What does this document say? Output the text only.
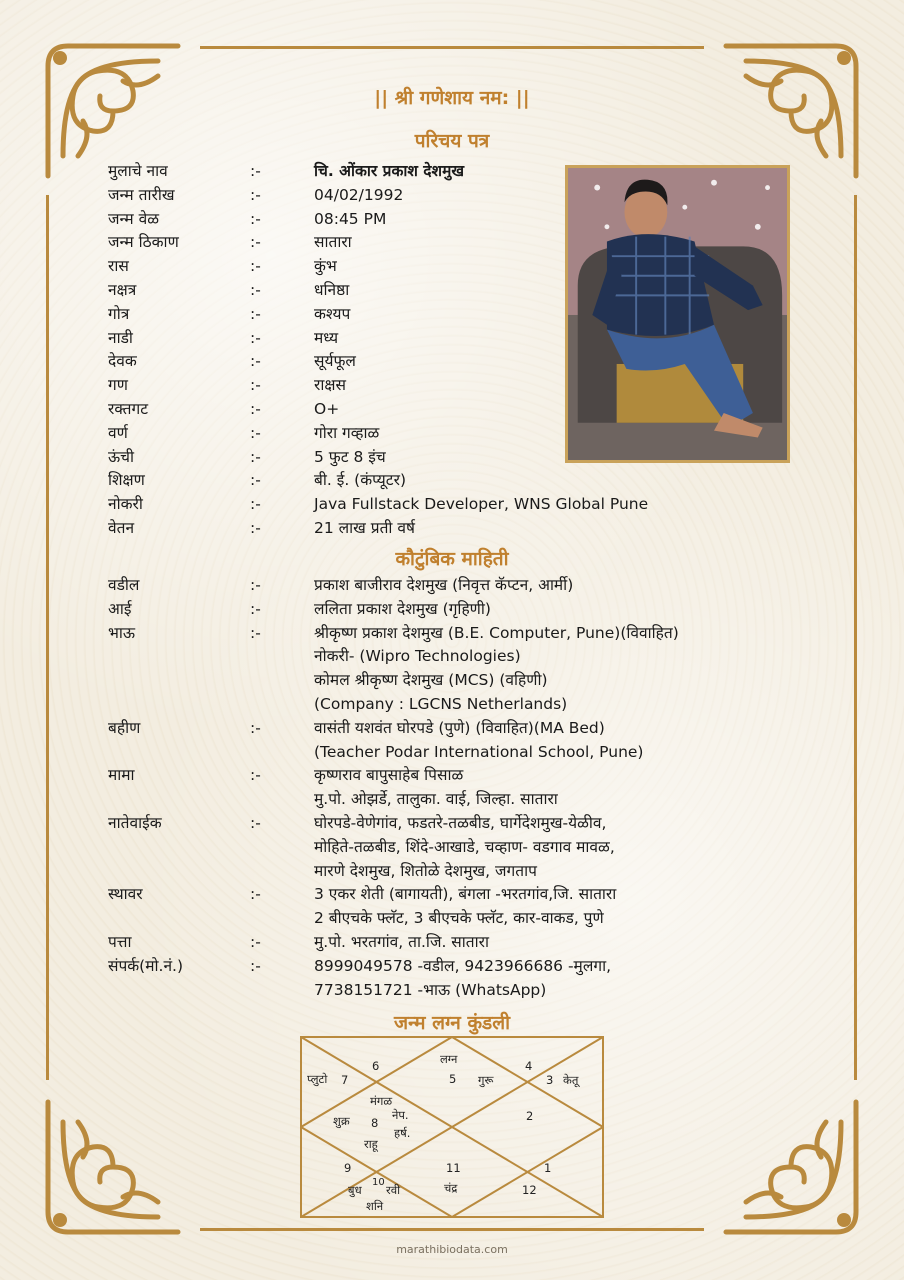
|| श्री गणेशाय नम: ||
परिचय पत्र
मुलाचे नाव	:-	चि. ओंकार प्रकाश देशमुख
जन्म तारीख	:-	04/02/1992
जन्म वेळ	:-	08:45 PM
जन्म ठिकाण	:-	सातारा
रास	:-	कुंभ
नक्षत्र	:-	धनिष्ठा
गोत्र	:-	कश्यप
नाडी	:-	मध्य
देवक	:-	सूर्यफूल
गण	:-	राक्षस
रक्तगट	:-	O+
वर्ण	:-	गोरा गव्हाळ
ऊंची	:-	5 फुट 8 इंच
शिक्षण	:-	बी. ई. (कंप्यूटर)
नोकरी	:-	Java Fullstack Developer, WNS Global Pune
वेतन	:-	21 लाख प्रती वर्ष
कौटुंबिक माहिती
वडील	:-	प्रकाश बाजीराव देशमुख (निवृत्त कॅप्टन, आर्मी)
आई	:-	ललिता प्रकाश देशमुख (गृहिणी)
भाऊ	:-	श्रीकृष्ण प्रकाश देशमुख (B.E. Computer, Pune)(विवाहित)
नोकरी- (Wipro Technologies)
कोमल श्रीकृष्ण देशमुख (MCS) (वहिणी)
(Company : LGCNS Netherlands)
बहीण	:-	वासंती यशवंत घोरपडे (पुणे) (विवाहित)(MA Bed)
(Teacher Podar International School, Pune)
मामा	:-	कृष्णराव बापुसाहेब पिसाळ
मु.पो. ओझर्डे, तालुका. वाई, जिल्हा. सातारा
नातेवाईक	:-	घोरपडे-वेणेगांव, फडतरे-तळबीड, घार्गेदेशमुख-येळीव,
मोहिते-तळबीड, शिंदे-आखाडे, चव्हाण- वडगाव मावळ,
मारणे देशमुख, शितोळे देशमुख, जगताप
स्थावर	:-	3 एकर शेती (बागायती), बंगला -भरतगांव,जि. सातारा
2 बीएचके फ्लॅट, 3 बीएचके फ्लॅट, कार-वाकड, पुणे
पत्ता	:-	मु.पो. भरतगांव, ता.जि. सातारा
संपर्क(मो.नं.)	:-	8999049578 -वडील, 9423966686 -मुलगा,
7738151721 -भाऊ (WhatsApp)
जन्म लग्न कुंडली
लग्न
5 गुरू
4
3 केतू
6
प्लुटो 7
मंगळ
शुक्र 8
नेप.
हर्ष.
राहू
2
9	11	1
बुध
10
रवी
शनि
चंद्र	12
marathibiodata.com
